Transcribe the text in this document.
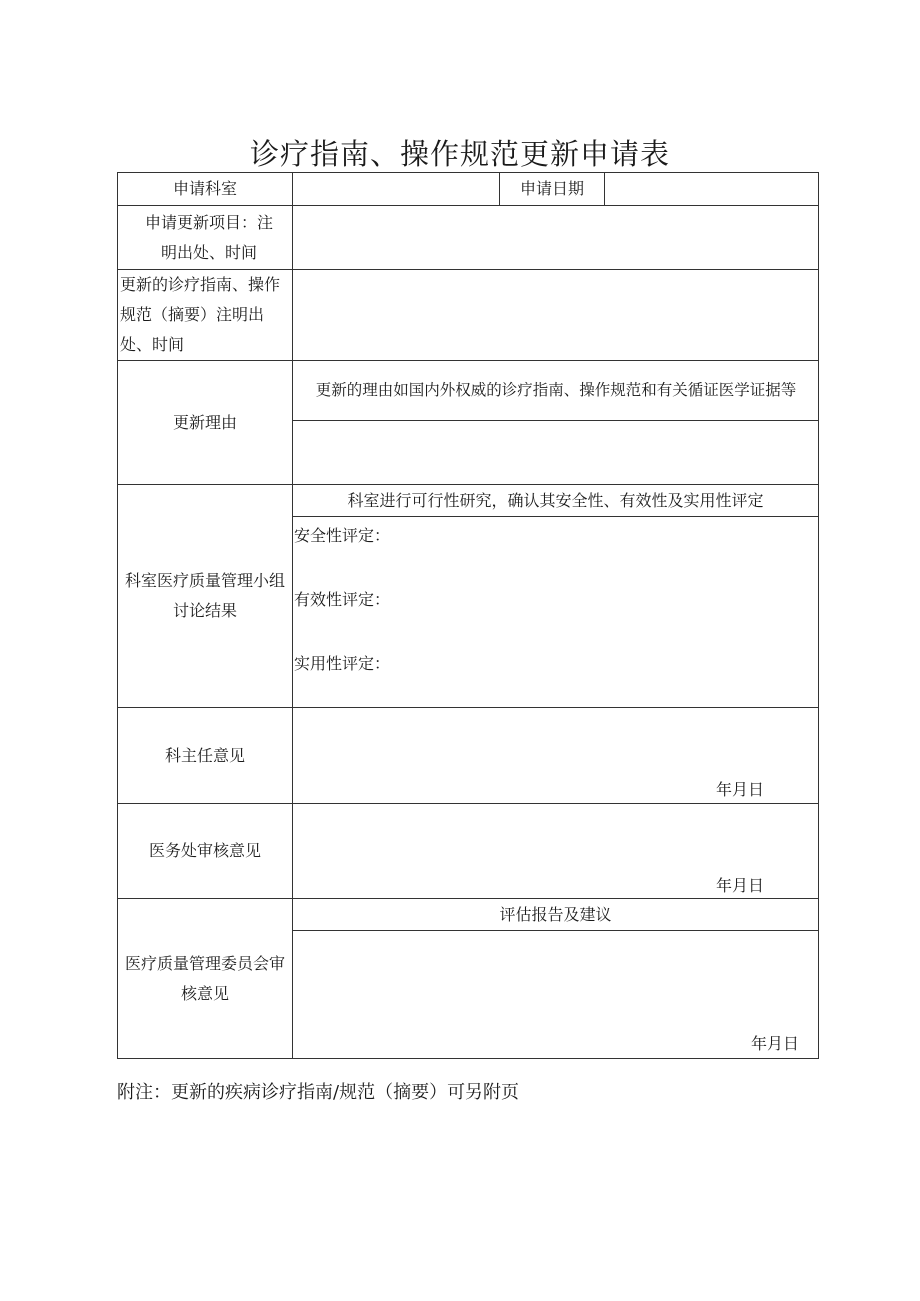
诊疗指南、操作规范更新申请表
申请科室	申请日期
申请更新项目：注明出处、时间
更新的诊疗指南、操作规范（摘要）注明出处、时间
更新理由
更新的理由如国内外权威的诊疗指南、操作规范和有关循证医学证据等
科室医疗质量管理小组讨论结果
科室进行可行性研究，确认其安全性、有效性及实用性评定
安全性评定：
有效性评定：
实用性评定：
科主任意见
年月日
医务处审核意见
年月日
医疗质量管理委员会审核意见
评估报告及建议
年月日
附注：更新的疾病诊疗指南/规范（摘要）可另附页
